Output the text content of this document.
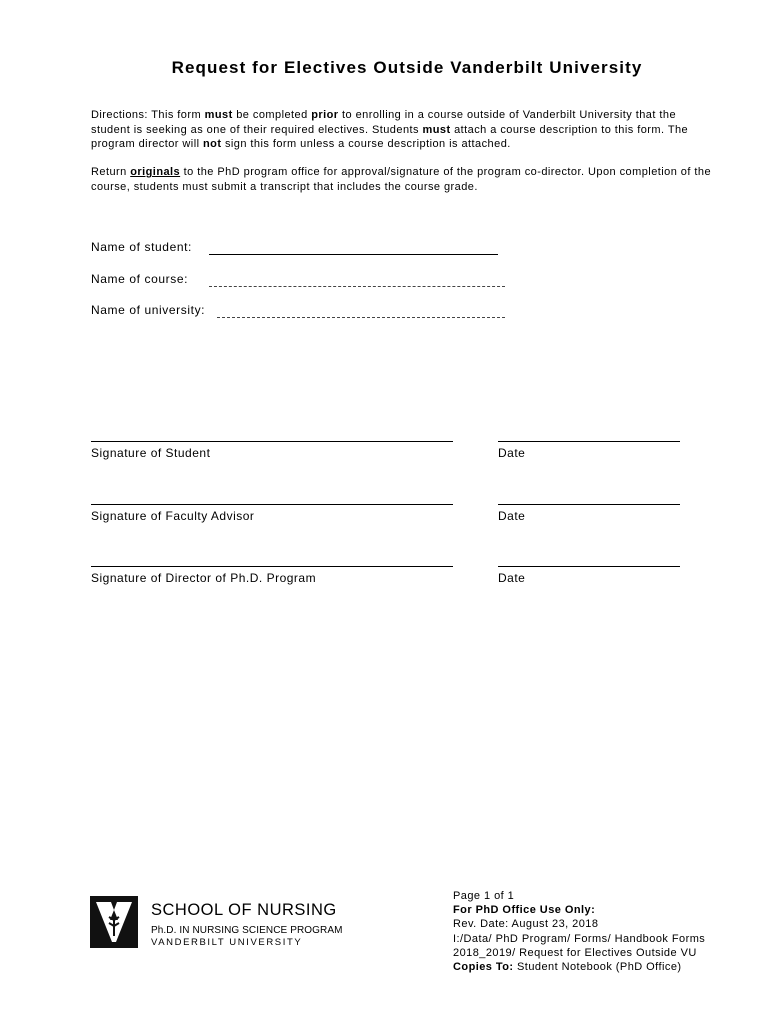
Request for Electives Outside Vanderbilt University
Directions: This form must be completed prior to enrolling in a course outside of Vanderbilt University that the student is seeking as one of their required electives. Students must attach a course description to this form. The program director will not sign this form unless a course description is attached.
Return originals to the PhD program office for approval/signature of the program co-director. Upon completion of the course, students must submit a transcript that includes the course grade.
Name of student:
Name of course:
Name of university:
Signature of Student	Date
Signature of Faculty Advisor	Date
Signature of Director of Ph.D. Program	Date
SCHOOL OF NURSING
Ph.D. IN NURSING SCIENCE PROGRAM
VANDERBILT UNIVERSITY
Page 1 of 1
For PhD Office Use Only:
Rev. Date: August 23, 2018
I:/Data/ PhD Program/ Forms/ Handbook Forms 2018_2019/ Request for Electives Outside VU
Copies To: Student Notebook (PhD Office)
